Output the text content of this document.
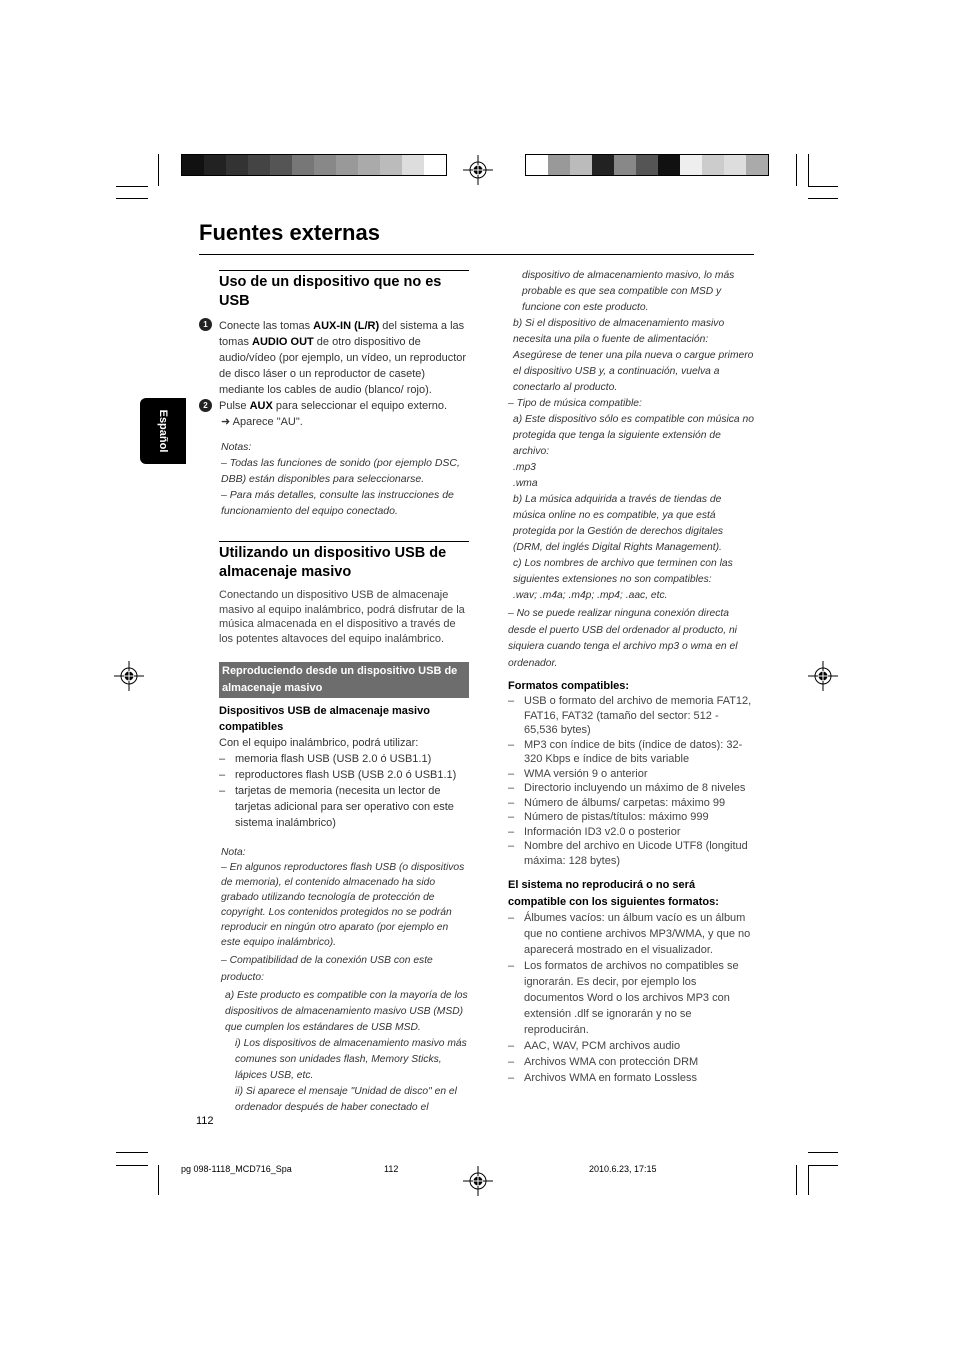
Fuentes externas
Español
Uso de un dispositivo que no es USB
1	Conecte las tomas AUX-IN (L/R) del sistema a las tomas AUDIO OUT de otro dispositivo de audio/vídeo (por ejemplo, un vídeo, un reproductor de disco láser o un reproductor de casete) mediante los cables de audio (blanco/ rojo).

2	Pulse AUX para seleccionar el equipo externo.

➜ Aparece "AU".

Notas:

– Todas las funciones de sonido (por ejemplo DSC, DBB) están disponibles para seleccionarse.

– Para más detalles, consulte las instrucciones de funcionamiento del equipo conectado.

Utilizando un dispositivo USB de almacenaje masivo

Conectando un dispositivo USB de almacenaje masivo al equipo inalámbrico, podrá disfrutar de la música almacenada en el dispositivo a través de los potentes altavoces del equipo inalámbrico.

Reproduciendo desde un dispositivo USB de almacenaje masivo

Dispositivos USB de almacenaje masivo compatibles

Con el equipo inalámbrico, podrá utilizar:

– memoria flash USB (USB 2.0 ó USB1.1)
– reproductores flash USB (USB 2.0 ó USB1.1)
– tarjetas de memoria (necesita un lector de tarjetas adicional para ser operativo con este sistema inalámbrico)

Nota:

– En algunos reproductores flash USB (o dispositivos de memoria), el contenido almacenado ha sido grabado utilizando tecnología de protección de copyright. Los contenidos protegidos no se podrán reproducir en ningún otro aparato (por ejemplo en este equipo inalámbrico).

– Compatibilidad de la conexión USB con este producto:

a) Este producto es compatible con la mayoría de los dispositivos de almacenamiento masivo USB (MSD) que cumplen los estándares de USB MSD.

i) Los dispositivos de almacenamiento masivo más comunes son unidades flash, Memory Sticks, lápices USB, etc.

ii) Si aparece el mensaje "Unidad de disco" en el ordenador después de haber conectado el

dispositivo de almacenamiento masivo, lo más probable es que sea compatible con MSD y funcione con este producto.

b) Si el dispositivo de almacenamiento masivo necesita una pila o fuente de alimentación: Asegúrese de tener una pila nueva o cargue primero el dispositivo USB y, a continuación, vuelva a conectarlo al producto.

– Tipo de música compatible:

a) Este dispositivo sólo es compatible con música no protegida que tenga la siguiente extensión de archivo:

.mp3

.wma

b) La música adquirida a través de tiendas de música online no es compatible, ya que está protegida por la Gestión de derechos digitales (DRM, del inglés Digital Rights Management).

c) Los nombres de archivo que terminen con las siguientes extensiones no son compatibles:

.wav; .m4a; .m4p; .mp4; .aac, etc.

– No se puede realizar ninguna conexión directa desde el puerto USB del ordenador al producto, ni siquiera cuando tenga el archivo mp3 o wma en el ordenador.

Formatos compatibles:

– USB o formato del archivo de memoria FAT12, FAT16, FAT32 (tamaño del sector: 512 - 65,536 bytes)
– MP3 con índice de bits (índice de datos): 32-320 Kbps e índice de bits variable
– WMA versión 9 o anterior
– Directorio incluyendo un máximo de 8 niveles
– Número de álbums/ carpetas: máximo 99
– Número de pistas/títulos: máximo 999
– Información ID3 v2.0 o posterior
– Nombre del archivo en Uicode UTF8 (longitud máxima: 128 bytes)

El sistema no reproducirá o no será compatible con los siguientes formatos:

– Álbumes vacíos: un álbum vacío es un álbum que no contiene archivos MP3/WMA, y que no aparecerá mostrado en el visualizador.
– Los formatos de archivos no compatibles se ignorarán. Es decir, por ejemplo los documentos Word o los archivos MP3 con extensión .dlf se ignorarán y no se reproducirán.
– AAC, WAV, PCM archivos audio
– Archivos WMA con protección DRM
– Archivos WMA en formato Lossless
112
pg 098-1118_MCD716_Spa	112	2010.6.23, 17:15
